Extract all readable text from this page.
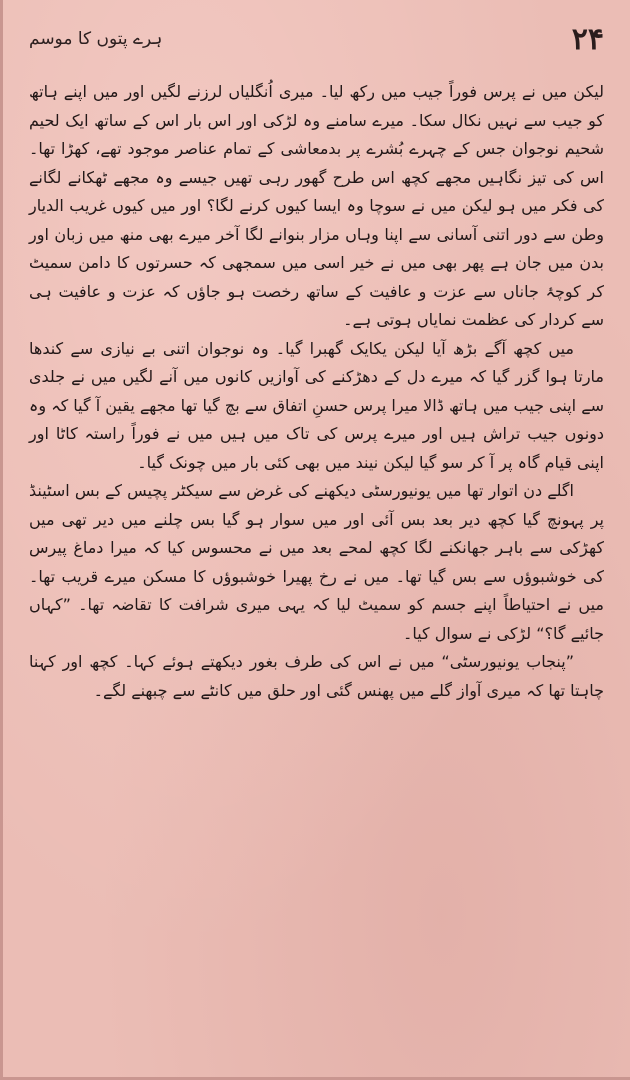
ہرے پتوں کا موسم	۲۴

لیکن میں نے پرس فوراً جیب میں رکھ لیا۔ میری اُنگلیاں لرزنے لگیں اور میں اپنے ہاتھ کو جیب سے نہیں نکال سکا۔ میرے سامنے وہ لڑکی اور اس بار اس کے ساتھ ایک لحیم شحیم نوجوان جس کے چہرے بُشرے پر بدمعاشی کے تمام عناصر موجود تھے، کھڑا تھا۔ اس کی تیز نگاہیں مجھے کچھ اس طرح گھور رہی تھیں جیسے وہ مجھے ٹھکانے لگانے کی فکر میں ہو لیکن میں نے سوچا وہ ایسا کیوں کرنے لگا؟ اور میں کیوں غریب الدیار وطن سے دور اتنی آسانی سے اپنا وہاں مزار بنوانے لگا آخر میرے بھی منھ میں زبان اور بدن میں جان ہے پھر بھی میں نے خیر اسی میں سمجھی کہ حسرتوں کا دامن سمیٹ کر کوچۂ جاناں سے عزت و عافیت کے ساتھ رخصت ہو جاؤں کہ عزت و عافیت ہی سے کردار کی عظمت نمایاں ہوتی ہے۔

میں کچھ آگے بڑھ آیا لیکن یکایک گھبرا گیا۔ وہ نوجوان اتنی بے نیازی سے کندھا مارتا ہوا گزر گیا کہ میرے دل کے دھڑکنے کی آوازیں کانوں میں آنے لگیں میں نے جلدی سے اپنی جیب میں ہاتھ ڈالا میرا پرس حسنِ اتفاق سے بچ گیا تھا مجھے یقین آ گیا کہ وہ دونوں جیب تراش ہیں اور میرے پرس کی تاک میں ہیں میں نے فوراً راستہ کاٹا اور اپنی قیام گاہ پر آ کر سو گیا لیکن نیند میں بھی کئی بار میں چونک گیا۔

اگلے دن اتوار تھا میں یونیورسٹی دیکھنے کی غرض سے سیکٹر پچیس کے بس اسٹینڈ پر پہونچ گیا کچھ دیر بعد بس آئی اور میں سوار ہو گیا بس چلنے میں دیر تھی میں کھڑکی سے باہر جھانکنے لگا کچھ لمحے بعد میں نے محسوس کیا کہ میرا دماغ پیرس کی خوشبوؤں سے بس گیا تھا۔ میں نے رخ پھیرا خوشبوؤں کا مسکن میرے قریب تھا۔ میں نے احتیاطاً اپنے جسم کو سمیٹ لیا کہ یہی میری شرافت کا تقاضہ تھا۔ ”کہاں جائیے گا؟“ لڑکی نے سوال کیا۔

”پنجاب یونیورسٹی“ میں نے اس کی طرف بغور دیکھتے ہوئے کہا۔ کچھ اور کہنا چاہتا تھا کہ میری آواز گلے میں پھنس گئی اور حلق میں کانٹے سے چبھنے لگے۔
